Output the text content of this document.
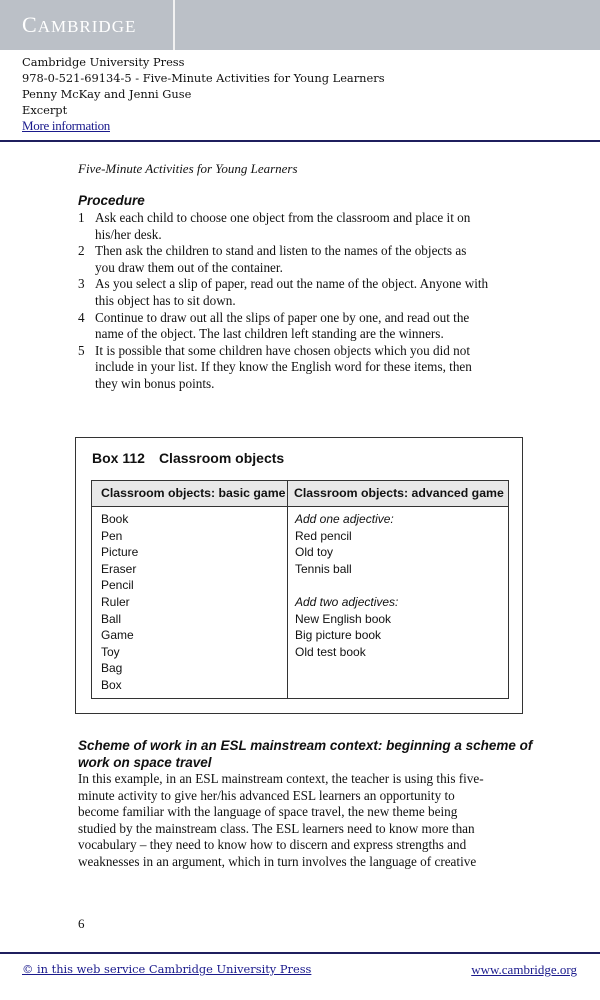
CAMBRIDGE
Cambridge University Press
978-0-521-69134-5 - Five-Minute Activities for Young Learners
Penny McKay and Jenni Guse
Excerpt
More information
Five-Minute Activities for Young Learners
Procedure
1 Ask each child to choose one object from the classroom and place it on
his/her desk.
2 Then ask the children to stand and listen to the names of the objects as
you draw them out of the container.
3 As you select a slip of paper, read out the name of the object. Anyone with
this object has to sit down.
4 Continue to draw out all the slips of paper one by one, and read out the
name of the object. The last children left standing are the winners.
5 It is possible that some children have chosen objects which you did not
include in your list. If they know the English word for these items, then
they win bonus points.
Box 112 Classroom objects
Classroom objects: basic game Classroom objects: advanced game
Book
Pen
Picture
Eraser
Pencil
Ruler
Ball
Game
Toy
Bag
Box
Add one adjective:
Red pencil
Old toy
Tennis ball
Add two adjectives:
New English book
Big picture book
Old test book
Scheme of work in an ESL mainstream context: beginning a scheme of
work on space travel
In this example, in an ESL mainstream context, the teacher is using this five-
minute activity to give her/his advanced ESL learners an opportunity to
become familiar with the language of space travel, the new theme being
studied by the mainstream class. The ESL learners need to know more than
vocabulary – they need to know how to discern and express strengths and
weaknesses in an argument, which in turn involves the language of creative
6
© in this web service Cambridge University Press	www.cambridge.org
